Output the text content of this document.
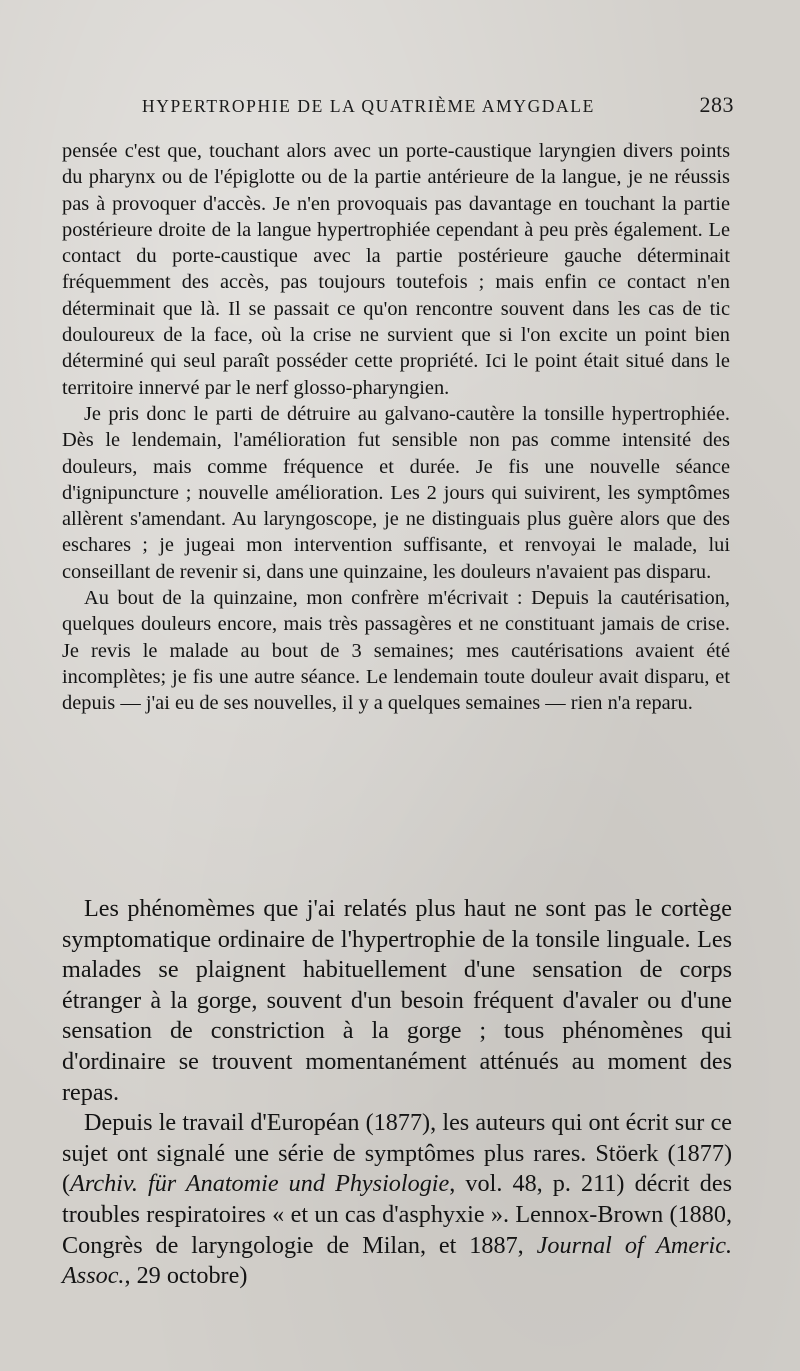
HYPERTROPHIE DE LA QUATRIÈME AMYGDALE	283

pensée c'est que, touchant alors avec un porte-caustique laryngien divers points du pharynx ou de l'épiglotte ou de la partie antérieure de la langue, je ne réussis pas à provoquer d'accès. Je n'en provoquais pas davantage en touchant la partie postérieure droite de la langue hypertrophiée cependant à peu près également. Le contact du porte-caustique avec la partie postérieure gauche déterminait fréquemment des accès, pas toujours toutefois ; mais enfin ce contact n'en déterminait que là. Il se passait ce qu'on rencontre souvent dans les cas de tic douloureux de la face, où la crise ne survient que si l'on excite un point bien déterminé qui seul paraît posséder cette propriété. Ici le point était situé dans le territoire innervé par le nerf glosso-pharyngien.

Je pris donc le parti de détruire au galvano-cautère la tonsille hypertrophiée. Dès le lendemain, l'amélioration fut sensible non pas comme intensité des douleurs, mais comme fréquence et durée. Je fis une nouvelle séance d'ignipuncture ; nouvelle amélioration. Les 2 jours qui suivirent, les symptômes allèrent s'amendant. Au laryngoscope, je ne distinguais plus guère alors que des eschares ; je jugeai mon intervention suffisante, et renvoyai le malade, lui conseillant de revenir si, dans une quinzaine, les douleurs n'avaient pas disparu.

Au bout de la quinzaine, mon confrère m'écrivait : Depuis la cautérisation, quelques douleurs encore, mais très passagères et ne constituant jamais de crise. Je revis le malade au bout de 3 semaines; mes cautérisations avaient été incomplètes; je fis une autre séance. Le lendemain toute douleur avait disparu, et depuis — j'ai eu de ses nouvelles, il y a quelques semaines — rien n'a reparu.

Les phénomèmes que j'ai relatés plus haut ne sont pas le cortège symptomatique ordinaire de l'hypertrophie de la tonsile linguale. Les malades se plaignent habituellement d'une sensation de corps étranger à la gorge, souvent d'un besoin fréquent d'avaler ou d'une sensation de constriction à la gorge ; tous phénomènes qui d'ordinaire se trouvent momentanément atténués au moment des repas.

Depuis le travail d'Européan (1877), les auteurs qui ont écrit sur ce sujet ont signalé une série de symptômes plus rares. Stöerk (1877) (Archiv. für Anatomie und Physiologie, vol. 48, p. 211) décrit des troubles respiratoires « et un cas d'asphyxie ». Lennox-Brown (1880, Congrès de laryngologie de Milan, et 1887, Journal of Americ. Assoc., 29 octobre)
